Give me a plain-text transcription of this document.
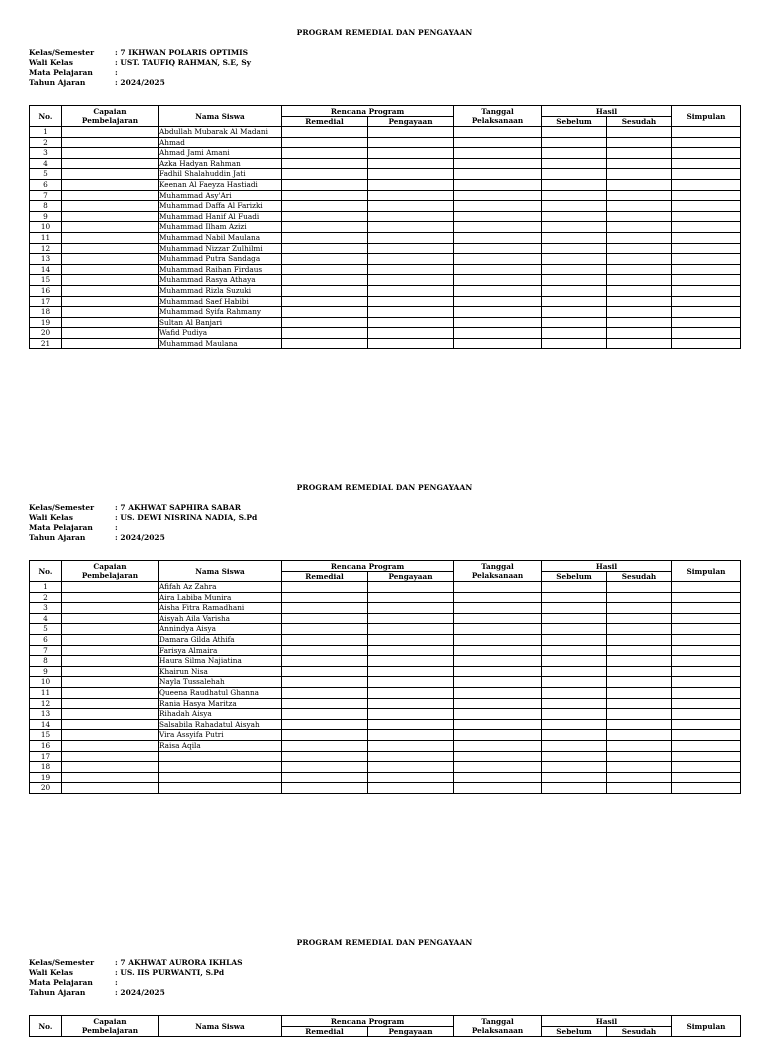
PROGRAM REMEDIAL DAN PENGAYAAN
Kelas/Semester	: 7 IKHWAN POLARIS OPTIMIS
Wali Kelas	: UST. TAUFIQ RAHMAN, S.E, Sy
Mata Pelajaran	:
Tahun Ajaran	: 2024/2025
No.	Capaian Pembelajaran	Nama Siswa	Rencana Program		Tanggal Pelaksanaan	Hasil		Simpulan
			Remedial	Pengayaan		Sebelum	Sesudah	
1		Abdullah Mubarak Al Madani						
2		Ahmad						
3		Ahmad Jami Amani						
4		Azka Hadyan Rahman						
5		Fadhil Shalahuddin Jati						
6		Keenan Al Faeyza Hastiadi						
7		Muhammad Asy'Ari						
8		Muhammad Daffa Al Farizki						
9		Muhammad Hanif Al Fuadi						
10		Muhammad Ilham Azizi						
11		Muhammad Nabil Maulana						
12		Muhammad Nizzar Zulhilmi						
13		Muhammad Putra Sandaga						
14		Muhammad Raihan Firdaus						
15		Muhammad Rasya Athaya						
16		Muhammad Rizla Suzuki						
17		Muhammad Saef Habibi						
18		Muhammad Syifa Rahmany						
19		Sultan Al Banjari						
20		Wafid Pudiya						
21		Muhammad Maulana						
PROGRAM REMEDIAL DAN PENGAYAAN
Kelas/Semester	: 7 AKHWAT SAPHIRA SABAR
Wali Kelas	: US. DEWI NISRINA NADIA, S.Pd
Mata Pelajaran	:
Tahun Ajaran	: 2024/2025
No.	Capaian Pembelajaran	Nama Siswa	Rencana Program		Tanggal Pelaksanaan	Hasil		Simpulan
			Remedial	Pengayaan		Sebelum	Sesudah	
1		Afifah Az Zahra						
2		Aira Labiba Munira						
3		Aisha Fitra Ramadhani						
4		Aisyah Aila Varisha						
5		Annindya Aisya						
6		Damara Gilda Athifa						
7		Farisya Almaira						
8		Haura Silma Najiatina						
9		Khairun Nisa						
10		Nayla Tussalehah						
11		Queena Raudhatul Ghanna						
12		Rania Hasya Maritza						
13		Rihadah Aisya						
14		Salsabila Rahadatul Aisyah						
15		Vira Assyifa Putri						
16		Raisa Aqila						
17								
18								
19								
20								
PROGRAM REMEDIAL DAN PENGAYAAN
Kelas/Semester	: 7 AKHWAT AURORA IKHLAS
Wali Kelas	: US. IIS PURWANTI, S.Pd
Mata Pelajaran	:
Tahun Ajaran	: 2024/2025
No.	Capaian Pembelajaran	Nama Siswa	Rencana Program		Tanggal Pelaksanaan	Hasil		Simpulan
			Remedial	Pengayaan		Sebelum	Sesudah	
